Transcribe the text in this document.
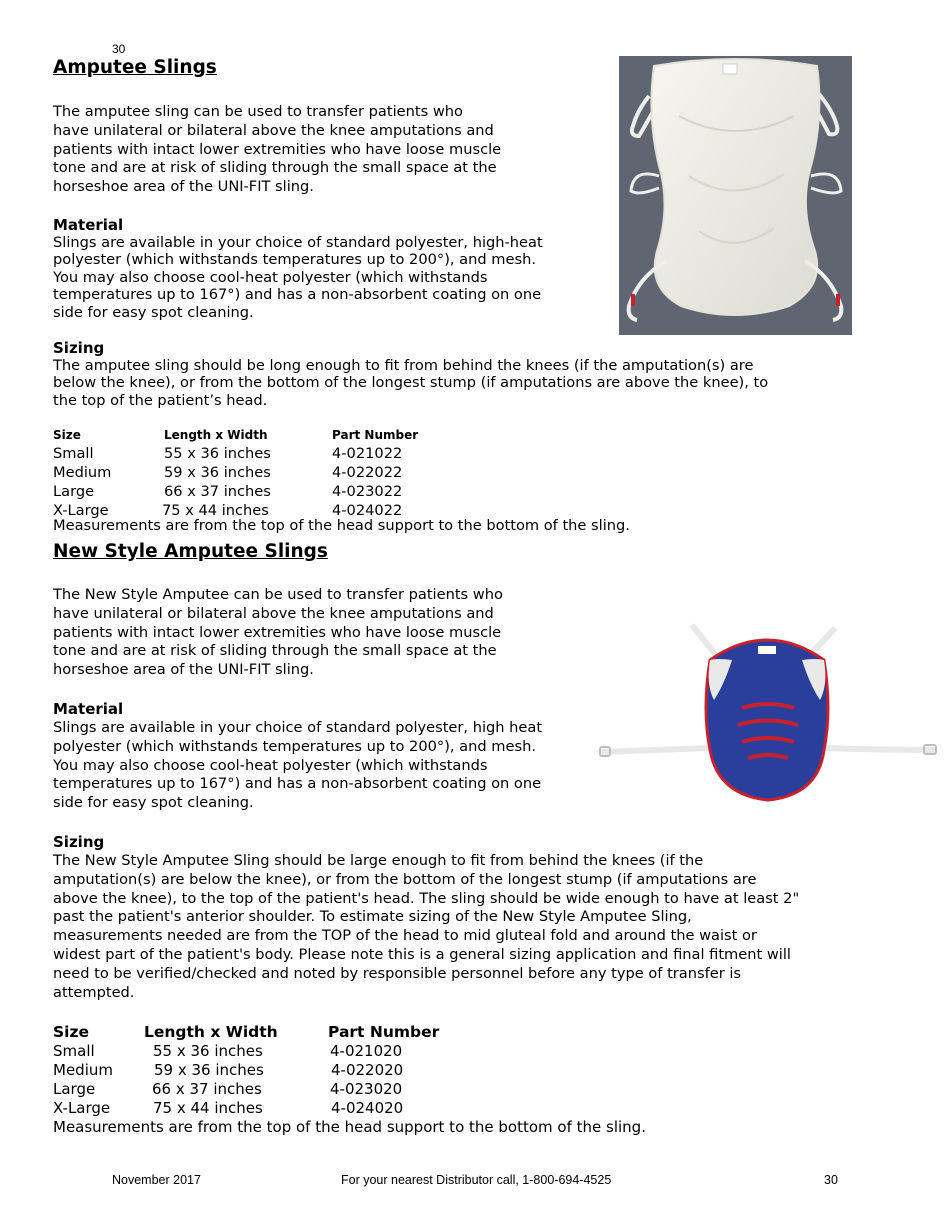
30
Amputee Slings
The amputee sling can be used to transfer patients who
have unilateral or bilateral above the knee amputations and
patients with intact lower extremities who have loose muscle
tone and are at risk of sliding through the small space at the
horseshoe area of the UNI-FIT sling.
Material
Slings are available in your choice of standard polyester, high-heat
polyester (which withstands temperatures up to 200°), and mesh.
You may also choose cool-heat polyester (which withstands
temperatures up to 167°) and has a non-absorbent coating on one
side for easy spot cleaning.
Sizing
The amputee sling should be long enough to fit from behind the knees (if the amputation(s) are
below the knee), or from the bottom of the longest stump (if amputations are above the knee), to
the top of the patient’s head.
Size	Length x Width	Part Number
Small	55 x 36 inches	4-021022
Medium	59 x 36 inches	4-022022
Large	66 x 37 inches	4-023022
X-Large	75 x 44 inches	4-024022
Measurements are from the top of the head support to the bottom of the sling.
New Style Amputee Slings
The New Style Amputee can be used to transfer patients who
have unilateral or bilateral above the knee amputations and
patients with intact lower extremities who have loose muscle
tone and are at risk of sliding through the small space at the
horseshoe area of the UNI-FIT sling.
Material
Slings are available in your choice of standard polyester, high heat
polyester (which withstands temperatures up to 200°), and mesh.
You may also choose cool-heat polyester (which withstands
temperatures up to 167°) and has a non-absorbent coating on one
side for easy spot cleaning.
Sizing
The New Style Amputee Sling should be large enough to fit from behind the knees (if the
amputation(s) are below the knee), or from the bottom of the longest stump (if amputations are
above the knee), to the top of the patient's head. The sling should be wide enough to have at least 2"
past the patient's anterior shoulder. To estimate sizing of the New Style Amputee Sling,
measurements needed are from the TOP of the head to mid gluteal fold and around the waist or
widest part of the patient's body. Please note this is a general sizing application and final fitment will
need to be verified/checked and noted by responsible personnel before any type of transfer is
attempted.
Size	Length x Width	Part Number
Small	55 x 36 inches	4-021020
Medium	59 x 36 inches	4-022020
Large	66 x 37 inches	4-023020
X-Large	75 x 44 inches	4-024020
Measurements are from the top of the head support to the bottom of the sling.
November 2017	For your nearest Distributor call, 1-800-694-4525	30
